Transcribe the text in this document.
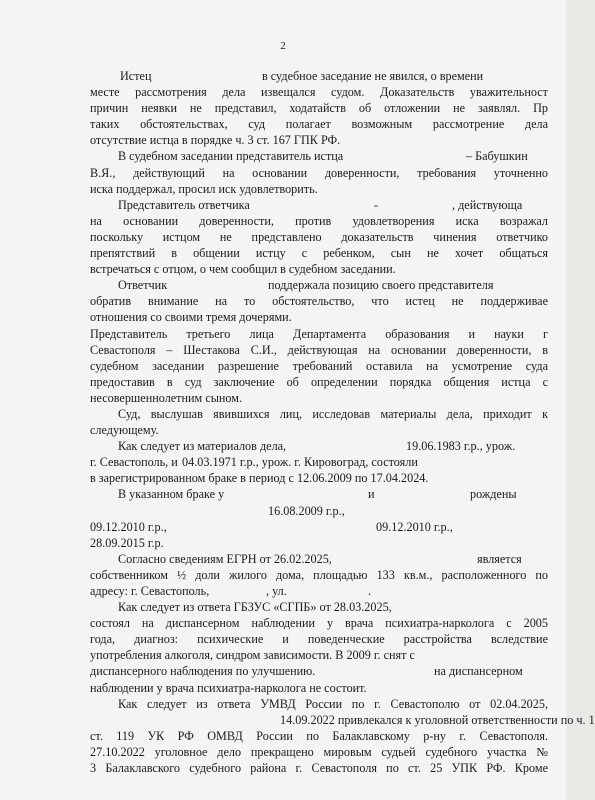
2
Истец	в судебное заседание не явился, о времени
месте рассмотрения дела извещался судом. Доказательств уважительност
причин неявки не представил, ходатайств об отложении не заявлял. Пр
таких обстоятельствах, суд полагает возможным рассмотрение дела
отсутствие истца в порядке ч. 3 ст. 167 ГПК РФ.
В судебном заседании представитель истца	– Бабушкин
В.Я., действующий на основании доверенности, требования уточненно
иска поддержал, просил иск удовлетворить.
Представитель ответчика	-	, действующа
на основании доверенности, против удовлетворения иска возражал
поскольку истцом не представлено доказательств чинения ответчико
препятствий в общении истцу с ребенком, сын не хочет общаться
встречаться с отцом, о чем сообщил в судебном заседании.
Ответчик	поддержала позицию своего представителя
обратив внимание на то обстоятельство, что истец не поддерживае
отношения со своими тремя дочерями.
Представитель третьего лица Департамента образования и науки г
Севастополя – Шестакова С.И., действующая на основании доверенности, в
судебном заседании разрешение требований оставила на усмотрение суда
предоставив в суд заключение об определении порядка общения истца с
несовершеннолетним сыном.
Суд, выслушав явившихся лиц, исследовав материалы дела, приходит к
следующему.
Как следует из материалов дела,	19.06.1983 г.р., урож.
г. Севастополь, и 04.03.1971 г.р., урож. г. Кировоград, состояли
в зарегистрированном браке в период с 12.06.2009 по 17.04.2024.
В указанном браке у	и	рождены
16.08.2009 г.р.,
09.12.2010 г.р.,	09.12.2010 г.р.,
28.09.2015 г.р.
Согласно сведениям ЕГРН от 26.02.2025,	является
собственником ½ доли жилого дома, площадью 133 кв.м., расположенного по
адресу: г. Севастополь,	, ул.	.
Как следует из ответа ГБЗУС «СГПБ» от 28.03.2025,
состоял на диспансерном наблюдении у врача психиатра-нарколога с 2005
года, диагноз: психические и поведенческие расстройства вследствие
употребления алкоголя, синдром зависимости. В 2009 г. снят с
диспансерного наблюдения по улучшению.	на диспансерном
наблюдении у врача психиатра-нарколога не состоит.
Как следует из ответа УМВД России по г. Севастополю от 02.04.2025,
14.09.2022 привлекался к уголовной ответственности по ч. 1
ст. 119 УК РФ ОМВД России по Балаклавскому р-ну г. Севастополя.
27.10.2022 уголовное дело прекращено мировым судьей судебного участка №
3 Балаклавского судебного района г. Севастополя по ст. 25 УПК РФ. Кроме
